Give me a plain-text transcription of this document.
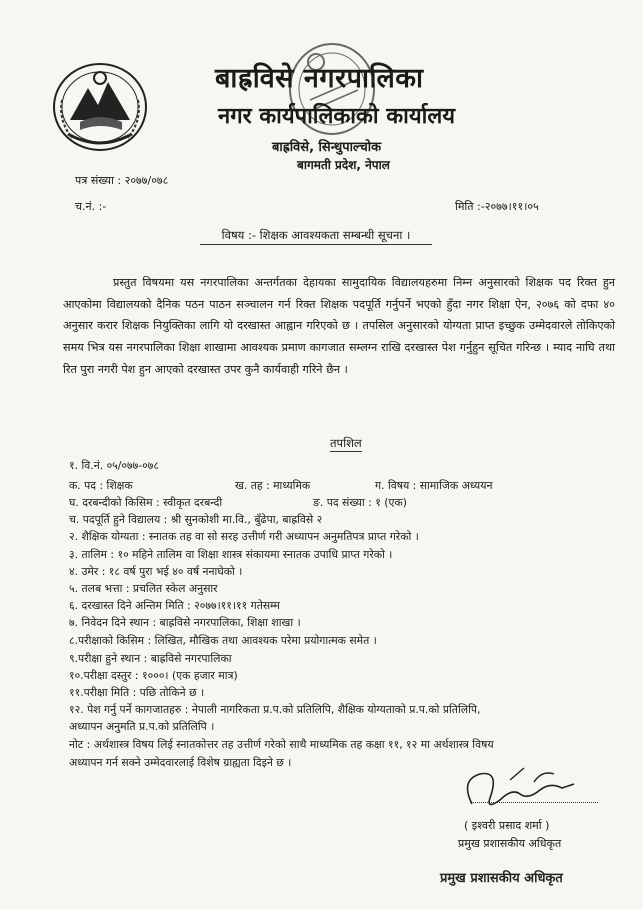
बाह्रविसे नगरपालिका
नगर कार्यपालिकाको कार्यालय
बाह्रविसे, सिन्धुपाल्चोक
बागमती प्रदेश, नेपाल
पत्र संख्या : २०७७/०७८
च.नं. :-	मिति :-२०७७।११।०५
विषय :- शिक्षक आवश्यकता सम्बन्धी सूचना ।

प्रस्तुत विषयमा यस नगरपालिका अन्तर्गतका देहायका सामुदायिक विद्यालयहरुमा निम्न अनुसारको शिक्षक पद रिक्त हुन आएकोमा विद्यालयको दैनिक पठन पाठन सञ्चालन गर्न रिक्त शिक्षक पदपूर्ति गर्नुपर्ने भएको हुँदा नगर शिक्षा ऐन, २०७६ को दफा ४० अनुसार करार शिक्षक नियुक्तिका लागि यो दरखास्त आह्वान गरिएको छ । तपसिल अनुसारको योग्यता प्राप्त इच्छुक उम्मेदवारले तोकिएको समय भित्र यस नगरपालिका शिक्षा शाखामा आवश्यक प्रमाण कागजात सम्लग्न राखि दरखास्त पेश गर्नुहुन सूचित गरिन्छ । म्याद नाघि तथा रित पुरा नगरी पेश हुन आएको दरखास्त उपर कुनै कार्यवाही गरिने छैन ।

तपशिल
१. वि.नं. ०५/०७७-०७८
क. पद : शिक्षक	ख. तह : माध्यमिक	ग. विषय : सामाजिक अध्ययन
घ. दरबन्दीको किसिम : स्वीकृत दरबन्दी	ङ. पद संख्या : १ (एक)
च. पदपूर्ति हुने विद्यालय : श्री सुनकोशी मा.वि., बुँढेपा, बाह्रविसे २
२. शैक्षिक योग्यता : स्नातक तह वा सो सरह उत्तीर्ण गरी अध्यापन अनुमतिपत्र प्राप्त गरेको ।
३. तालिम : १० महिने तालिम वा शिक्षा शास्त्र संकायमा स्नातक उपाधि प्राप्त गरेको ।
४. उमेर : १८ वर्ष पुरा भई ४० वर्ष ननाघेको ।
५. तलब भत्ता : प्रचलित स्केल अनुसार
६. दरखास्त दिने अन्तिम मिति : २०७७।११।११ गतेसम्म
७. निवेदन दिने स्थान : बाह्रविसे नगरपालिका, शिक्षा शाखा ।
८.परीक्षाको किसिम : लिखित, मौखिक तथा आवश्यक परेमा प्रयोगात्मक समेत ।
९.परीक्षा हुने स्थान : बाह्रविसे नगरपालिका
१०.परीक्षा दस्तुर : १०००। (एक हजार मात्र)
११.परीक्षा मिति : पछि तोकिने छ ।
१२. पेश गर्नु पर्ने कागजातहरु : नेपाली नागरिकता प्र.प.को प्रतिलिपि, शैक्षिक योग्यताको प्र.प.को प्रतिलिपि,
अध्यापन अनुमति प्र.प.को प्रतिलिपि ।
नोट : अर्थशास्त्र विषय लिई स्नातकोत्तर तह उत्तीर्ण गरेको साथै माध्यमिक तह कक्षा ११, १२ मा अर्थशास्त्र विषय
अध्यापन गर्न सक्ने उम्मेदवारलाई विशेष ग्राह्यता दिइने छ ।
( इश्वरी प्रसाद शर्मा )
प्रमुख प्रशासकीय अधिकृत
प्रमुख प्रशासकीय अधिकृत
